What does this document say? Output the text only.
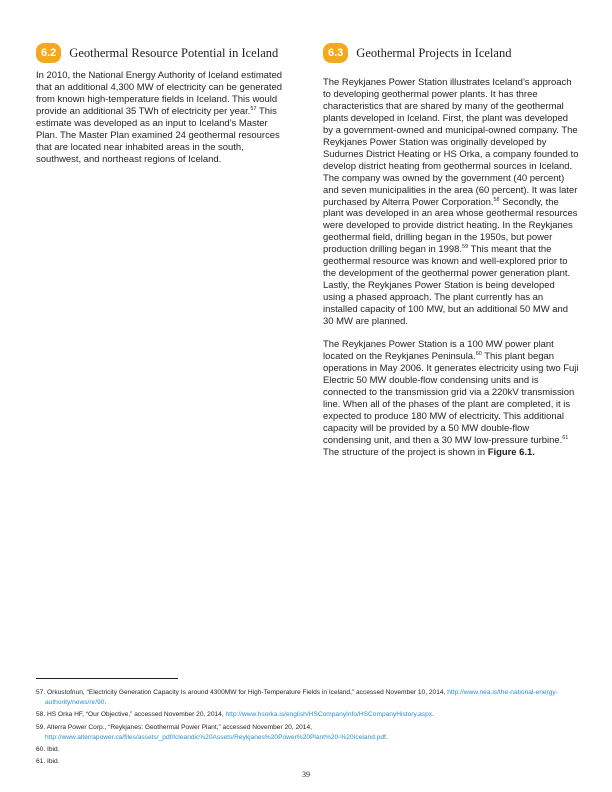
6.2	Geothermal Resource Potential in Iceland

In 2010, the National Energy Authority of Iceland estimated that an additional 4,300 MW of electricity can be generated from known high-temperature fields in Iceland. This would provide an additional 35 TWh of electricity per year.$^{57}$ This estimate was developed as an input to Iceland’s Master Plan. The Master Plan examined 24 geothermal resources that are located near inhabited areas in the south, southwest, and northeast regions of Iceland.

6.3	Geothermal Projects in Iceland

The Reykjanes Power Station illustrates Iceland’s approach to developing geothermal power plants. It has three characteristics that are shared by many of the geothermal plants developed in Iceland. First, the plant was developed by a government-owned and municipal-owned company. The Reykjanes Power Station was originally developed by Sudurnes District Heating or HS Orka, a company founded to develop district heating from geothermal sources in Iceland. The company was owned by the government (40 percent) and seven municipalities in the area (60 percent). It was later purchased by Alterra Power Corporation.$^{58}$ Secondly, the plant was developed in an area whose geothermal resources were developed to provide district heating. In the Reykjanes geothermal field, drilling began in the 1950s, but power production drilling began in 1998.59 This meant that the geothermal resource was known and well-explored prior to the development of the geothermal power generation plant. Lastly, the Reykjanes Power Station is being developed using a phased approach. The plant currently has an installed capacity of 100 MW, but an additional 50 MW and 30 MW are planned.

The Reykjanes Power Station is a 100 MW power plant located on the Reykjanes Peninsula.$^{60}$ This plant began operations in May 2006. It generates electricity using two Fuji Electric 50 MW double-flow condensing units and is connected to the transmission grid via a 220kV transmission line. When all of the phases of the plant are completed, it is expected to produce 180 MW of electricity. This additional capacity will be provided by a 50 MW double-flow condensing unit, and then a 30 MW low-pressure turbine.$^{61}$ The structure of the project is shown in Figure 6.1.

57. Orkustofnun, “Electricity Generation Capacity Is around 4300MW for High-Temperature Fields in Iceland,” accessed November 10, 2014, http://www.nea.is/the-national-energy-authority/news/nr/90.
58. HS Orka HF, “Our Objective,” accessed November 20, 2014, http://www.hsorka.is/english/HSCompanyInfo/HSCompanyHistory.aspx.
59. Alterra Power Corp., “Reykjanes: Geothermal Power Plant,” accessed November 20, 2014, http://www.alterrapower.ca/files/assets/_pdf/Icleandic%20Assets/Reykjanes%20Power%20Plant%20-%20Iceland.pdf.
60. Ibid.
61. Ibid.
39
